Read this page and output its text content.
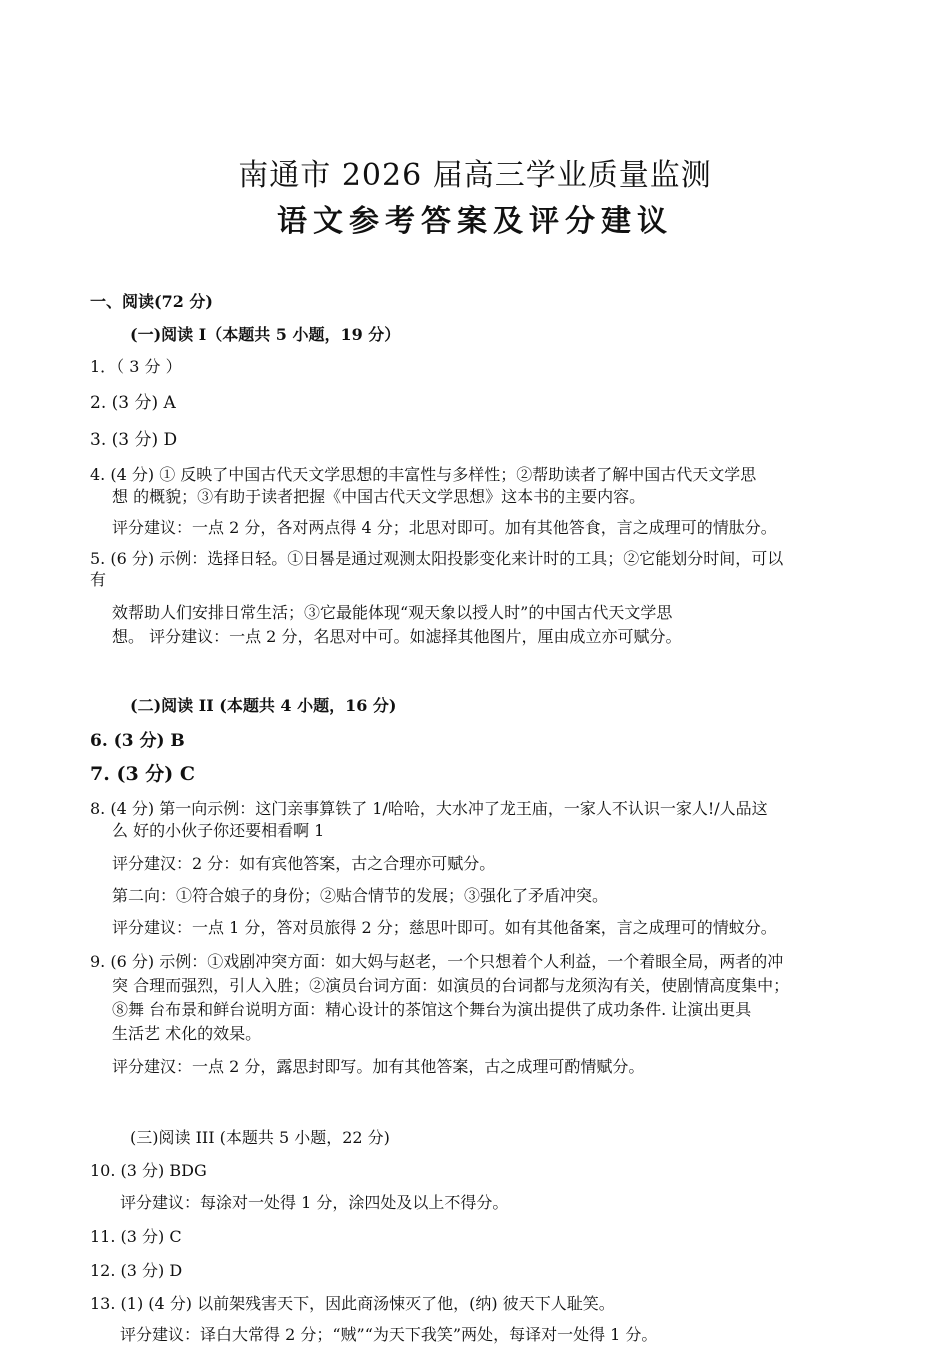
南通市 2026 届高三学业质量监测
语文参考答案及评分建议
一、阅读(72 分)
(一)阅读 I（本题共 5 小题，19 分）
1．（ 3 分 ）
2. (3 分) A
3. (3 分) D
4. (4 分) ① 反映了中国古代天文学思想的丰富性与多样性；②帮助读者了解中国古代天文学思
想 的概貌；③有助于读者把握《中国古代天文学思想》这本书的主要内容。
评分建议：一点 2 分，各对两点得 4 分；北思对即可。加有其他答食，言之成理可的情肽分。
5. (6 分) 示例：选择日轻。①日晷是通过观测太阳投影变化来计时的工具；②它能划分时间，可以
有
效帮助人们安排日常生活；③它最能体现“观天象以授人时”的中国古代天文学思
想。 评分建议：一点 2 分，名思对中可。如滤择其他图片，厘由成立亦可赋分。
(二)阅读 II (本题共 4 小题，16 分)
6. (3 分) B
7. (3 分) C
8. (4 分) 第一向示例：这门亲事算铁了 1/哈哈，大水冲了龙王庙，一家人不认识一家人!/人品这
么 好的小伙子你还要相看啊 1
评分建汉：2 分：如有宾他答案，古之合理亦可赋分。
第二向：①符合娘子的身份；②贴合情节的发展；③强化了矛盾冲突。
评分建议：一点 1 分，答对员旅得 2 分；慈思叶即可。如有其他备案，言之成理可的情蚊分。
9. (6 分) 示例：①戏剧冲突方面：如大妈与赵老，一个只想着个人利益，一个着眼全局，两者的冲
突 合理而强烈，引人入胜；②演员台词方面：如演员的台词都与龙须沟有关，使剧情高度集中；
⑧舞 台布景和鲜台说明方面：精心设计的茶馆这个舞台为演出提供了成功条件. 让演出更具
生活艺 术化的效杲。
评分建汉：一点 2 分，露思封即写。加有其他答案，古之成理可酌情赋分。
(三)阅读 III (本题共 5 小题，22 分)
10. (3 分) BDG
评分建议：每涂对一处得 1 分，涂四处及以上不得分。
11. (3 分) C
12. (3 分) D
13. (1) (4 分) 以前架残害天下，因此商汤悚灭了他，(纳) 彼天下人耻笑。
评分建议：译白大常得 2 分；“贼”“为天下我笑”两处，每译对一处得 1 分。
